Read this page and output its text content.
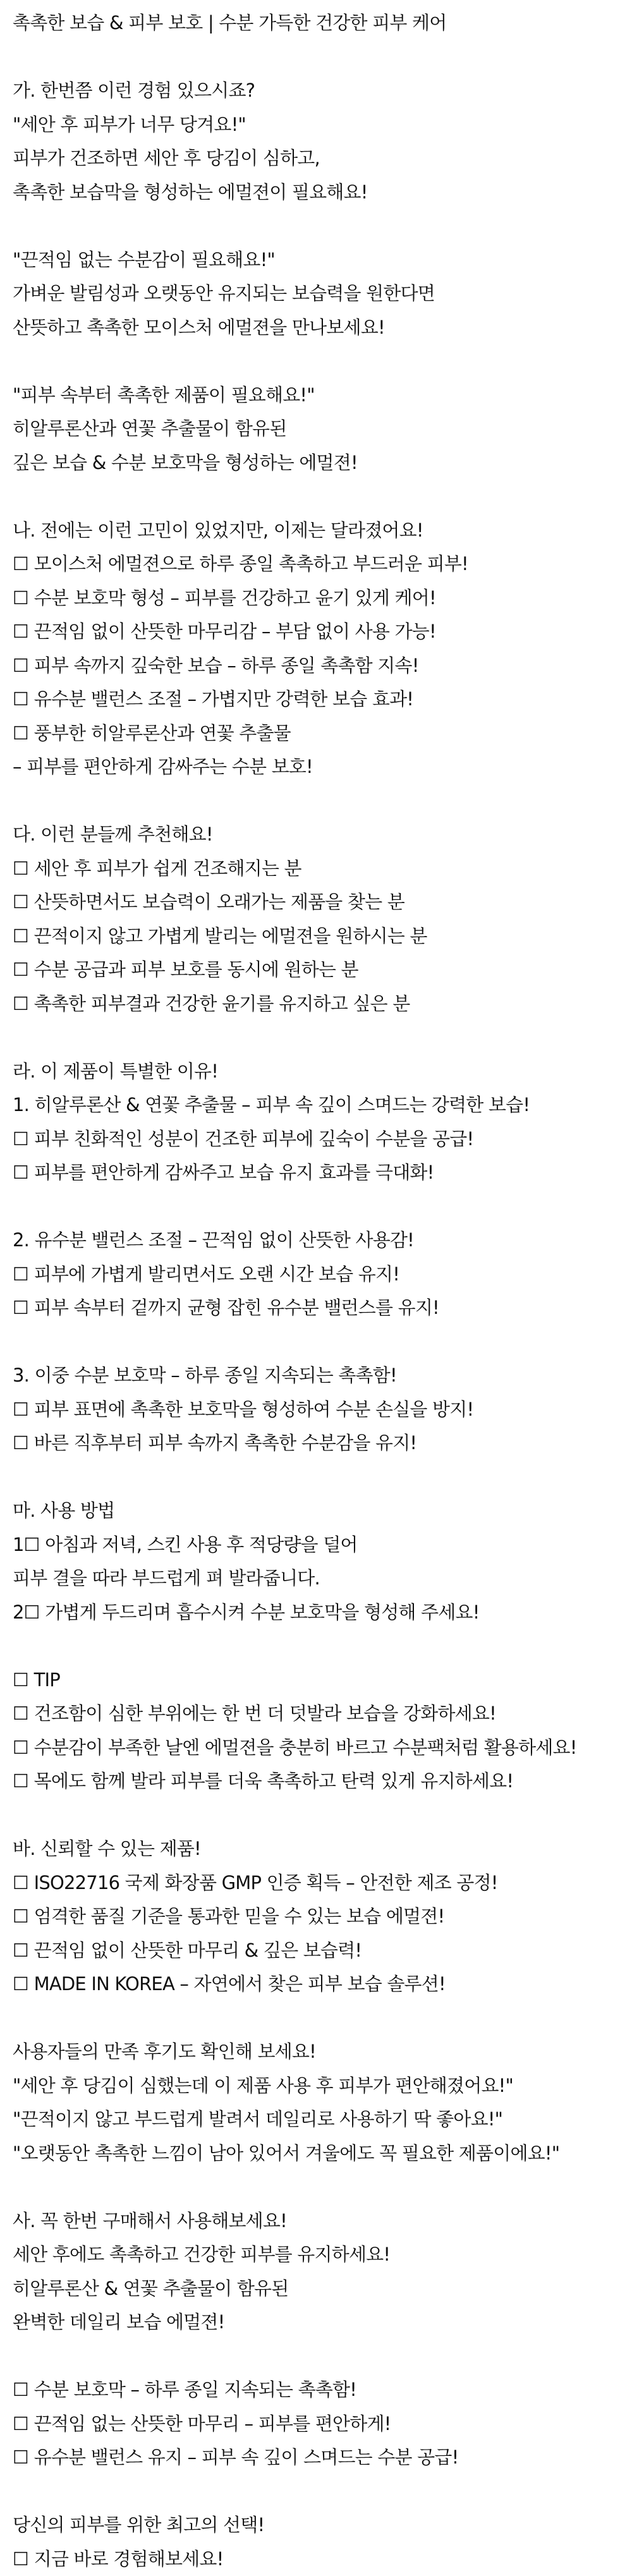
촉촉한 보습 & 피부 보호 | 수분 가득한 건강한 피부 케어
가. 한번쯤 이런 경험 있으시죠?
"세안 후 피부가 너무 당겨요!"
피부가 건조하면 세안 후 당김이 심하고,
촉촉한 보습막을 형성하는 에멀젼이 필요해요!
"끈적임 없는 수분감이 필요해요!"
가벼운 발림성과 오랫동안 유지되는 보습력을 원한다면
산뜻하고 촉촉한 모이스처 에멀젼을 만나보세요!
"피부 속부터 촉촉한 제품이 필요해요!"
히알루론산과 연꽃 추출물이 함유된
깊은 보습 & 수분 보호막을 형성하는 에멀젼!
나. 전에는 이런 고민이 있었지만, 이제는 달라졌어요!
☐ 모이스처 에멀젼으로 하루 종일 촉촉하고 부드러운 피부!
☐ 수분 보호막 형성 – 피부를 건강하고 윤기 있게 케어!
☐ 끈적임 없이 산뜻한 마무리감 – 부담 없이 사용 가능!
☐ 피부 속까지 깊숙한 보습 – 하루 종일 촉촉함 지속!
☐ 유수분 밸런스 조절 – 가볍지만 강력한 보습 효과!
☐ 풍부한 히알루론산과 연꽃 추출물
– 피부를 편안하게 감싸주는 수분 보호!
다. 이런 분들께 추천해요!
☐ 세안 후 피부가 쉽게 건조해지는 분
☐ 산뜻하면서도 보습력이 오래가는 제품을 찾는 분
☐ 끈적이지 않고 가볍게 발리는 에멀젼을 원하시는 분
☐ 수분 공급과 피부 보호를 동시에 원하는 분
☐ 촉촉한 피부결과 건강한 윤기를 유지하고 싶은 분
라. 이 제품이 특별한 이유!
1. 히알루론산 & 연꽃 추출물 – 피부 속 깊이 스며드는 강력한 보습!
☐ 피부 친화적인 성분이 건조한 피부에 깊숙이 수분을 공급!
☐ 피부를 편안하게 감싸주고 보습 유지 효과를 극대화!
2. 유수분 밸런스 조절 – 끈적임 없이 산뜻한 사용감!
☐ 피부에 가볍게 발리면서도 오랜 시간 보습 유지!
☐ 피부 속부터 겉까지 균형 잡힌 유수분 밸런스를 유지!
3. 이중 수분 보호막 – 하루 종일 지속되는 촉촉함!
☐ 피부 표면에 촉촉한 보호막을 형성하여 수분 손실을 방지!
☐ 바른 직후부터 피부 속까지 촉촉한 수분감을 유지!
마. 사용 방법
1☐ 아침과 저녁, 스킨 사용 후 적당량을 덜어
피부 결을 따라 부드럽게 펴 발라줍니다.
2☐ 가볍게 두드리며 흡수시켜 수분 보호막을 형성해 주세요!
☐ TIP
☐ 건조함이 심한 부위에는 한 번 더 덧발라 보습을 강화하세요!
☐ 수분감이 부족한 날엔 에멀젼을 충분히 바르고 수분팩처럼 활용하세요!
☐ 목에도 함께 발라 피부를 더욱 촉촉하고 탄력 있게 유지하세요!
바. 신뢰할 수 있는 제품!
☐ ISO22716 국제 화장품 GMP 인증 획득 – 안전한 제조 공정!
☐ 엄격한 품질 기준을 통과한 믿을 수 있는 보습 에멀젼!
☐ 끈적임 없이 산뜻한 마무리 & 깊은 보습력!
☐ MADE IN KOREA – 자연에서 찾은 피부 보습 솔루션!
사용자들의 만족 후기도 확인해 보세요!
"세안 후 당김이 심했는데 이 제품 사용 후 피부가 편안해졌어요!"
"끈적이지 않고 부드럽게 발려서 데일리로 사용하기 딱 좋아요!"
"오랫동안 촉촉한 느낌이 남아 있어서 겨울에도 꼭 필요한 제품이에요!"
사. 꼭 한번 구매해서 사용해보세요!
세안 후에도 촉촉하고 건강한 피부를 유지하세요!
히알루론산 & 연꽃 추출물이 함유된
완벽한 데일리 보습 에멀젼!
☐ 수분 보호막 – 하루 종일 지속되는 촉촉함!
☐ 끈적임 없는 산뜻한 마무리 – 피부를 편안하게!
☐ 유수분 밸런스 유지 – 피부 속 깊이 스며드는 수분 공급!
당신의 피부를 위한 최고의 선택!
☐ 지금 바로 경험해보세요!
